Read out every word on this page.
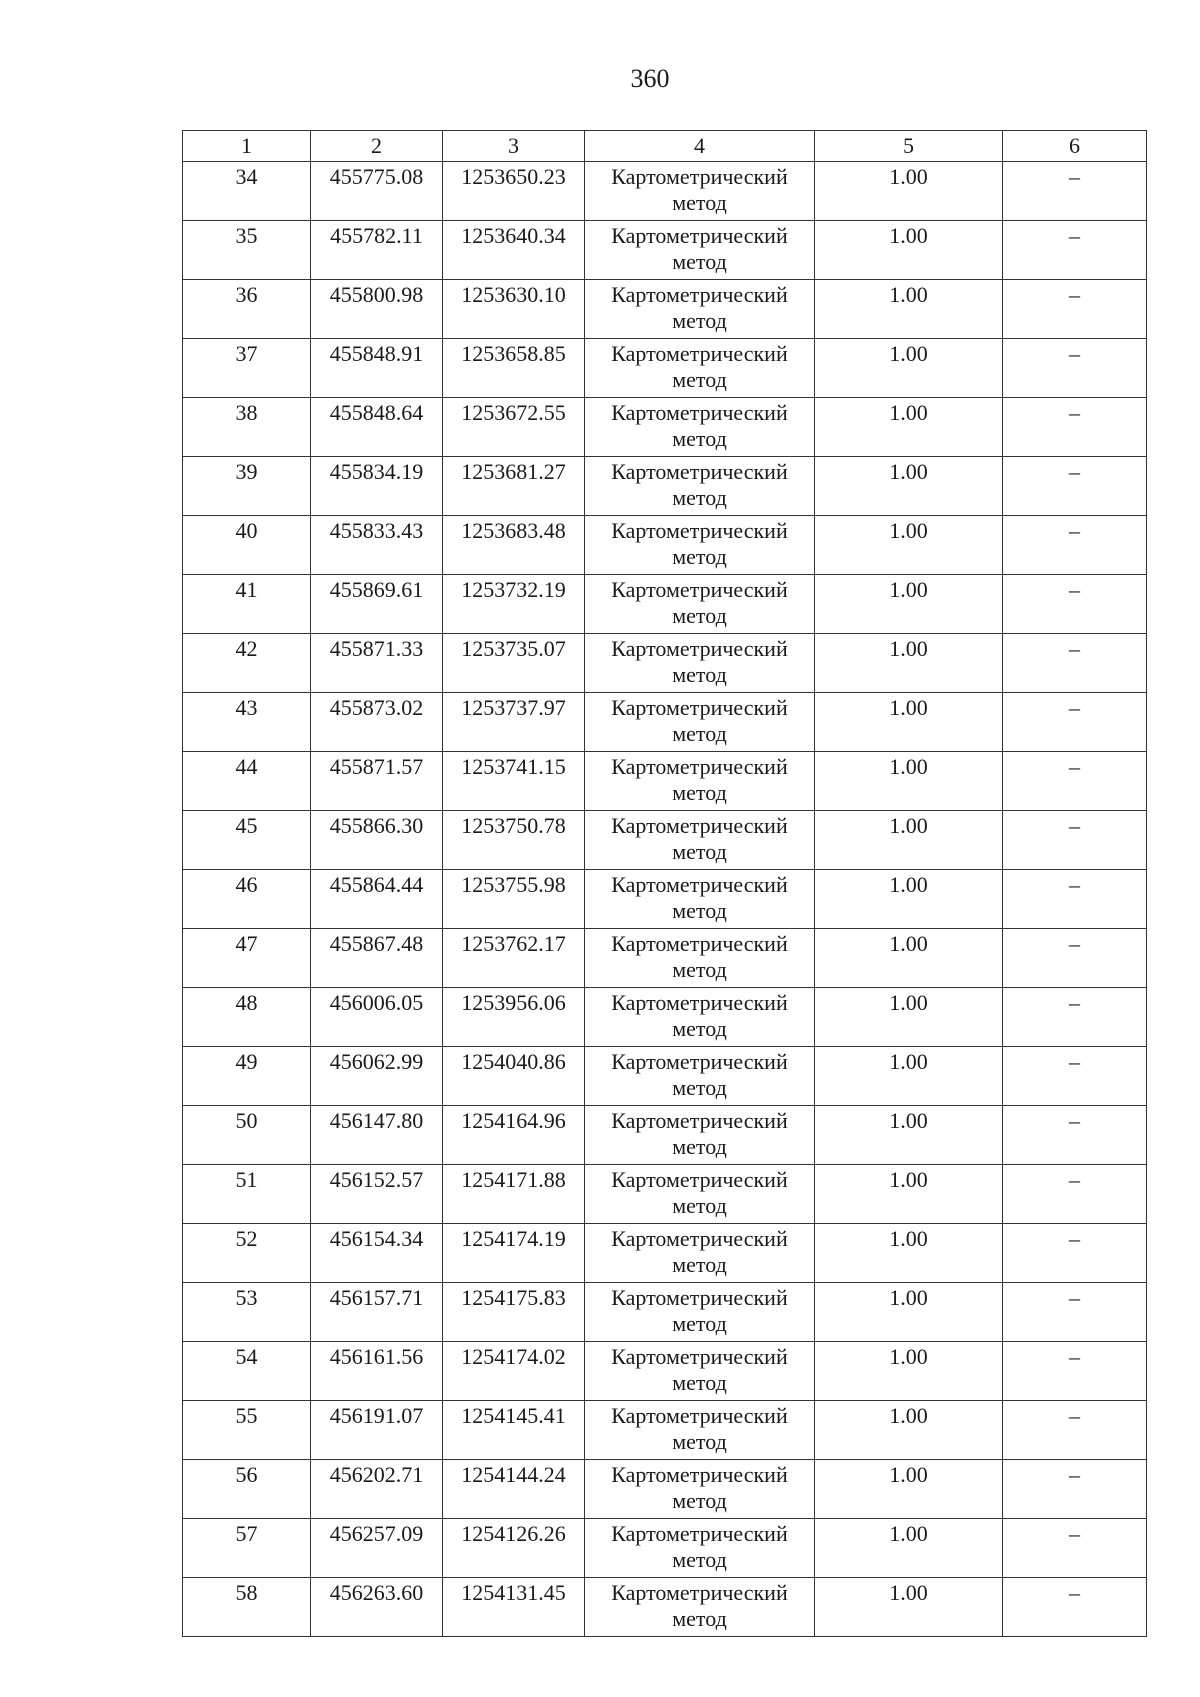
360
1	2	3	4	5	6
34	455775.08	1253650.23	Картометрический метод	1.00	–
35	455782.11	1253640.34	Картометрический метод	1.00	–
36	455800.98	1253630.10	Картометрический метод	1.00	–
37	455848.91	1253658.85	Картометрический метод	1.00	–
38	455848.64	1253672.55	Картометрический метод	1.00	–
39	455834.19	1253681.27	Картометрический метод	1.00	–
40	455833.43	1253683.48	Картометрический метод	1.00	–
41	455869.61	1253732.19	Картометрический метод	1.00	–
42	455871.33	1253735.07	Картометрический метод	1.00	–
43	455873.02	1253737.97	Картометрический метод	1.00	–
44	455871.57	1253741.15	Картометрический метод	1.00	–
45	455866.30	1253750.78	Картометрический метод	1.00	–
46	455864.44	1253755.98	Картометрический метод	1.00	–
47	455867.48	1253762.17	Картометрический метод	1.00	–
48	456006.05	1253956.06	Картометрический метод	1.00	–
49	456062.99	1254040.86	Картометрический метод	1.00	–
50	456147.80	1254164.96	Картометрический метод	1.00	–
51	456152.57	1254171.88	Картометрический метод	1.00	–
52	456154.34	1254174.19	Картометрический метод	1.00	–
53	456157.71	1254175.83	Картометрический метод	1.00	–
54	456161.56	1254174.02	Картометрический метод	1.00	–
55	456191.07	1254145.41	Картометрический метод	1.00	–
56	456202.71	1254144.24	Картометрический метод	1.00	–
57	456257.09	1254126.26	Картометрический метод	1.00	–
58	456263.60	1254131.45	Картометрический метод	1.00	–
